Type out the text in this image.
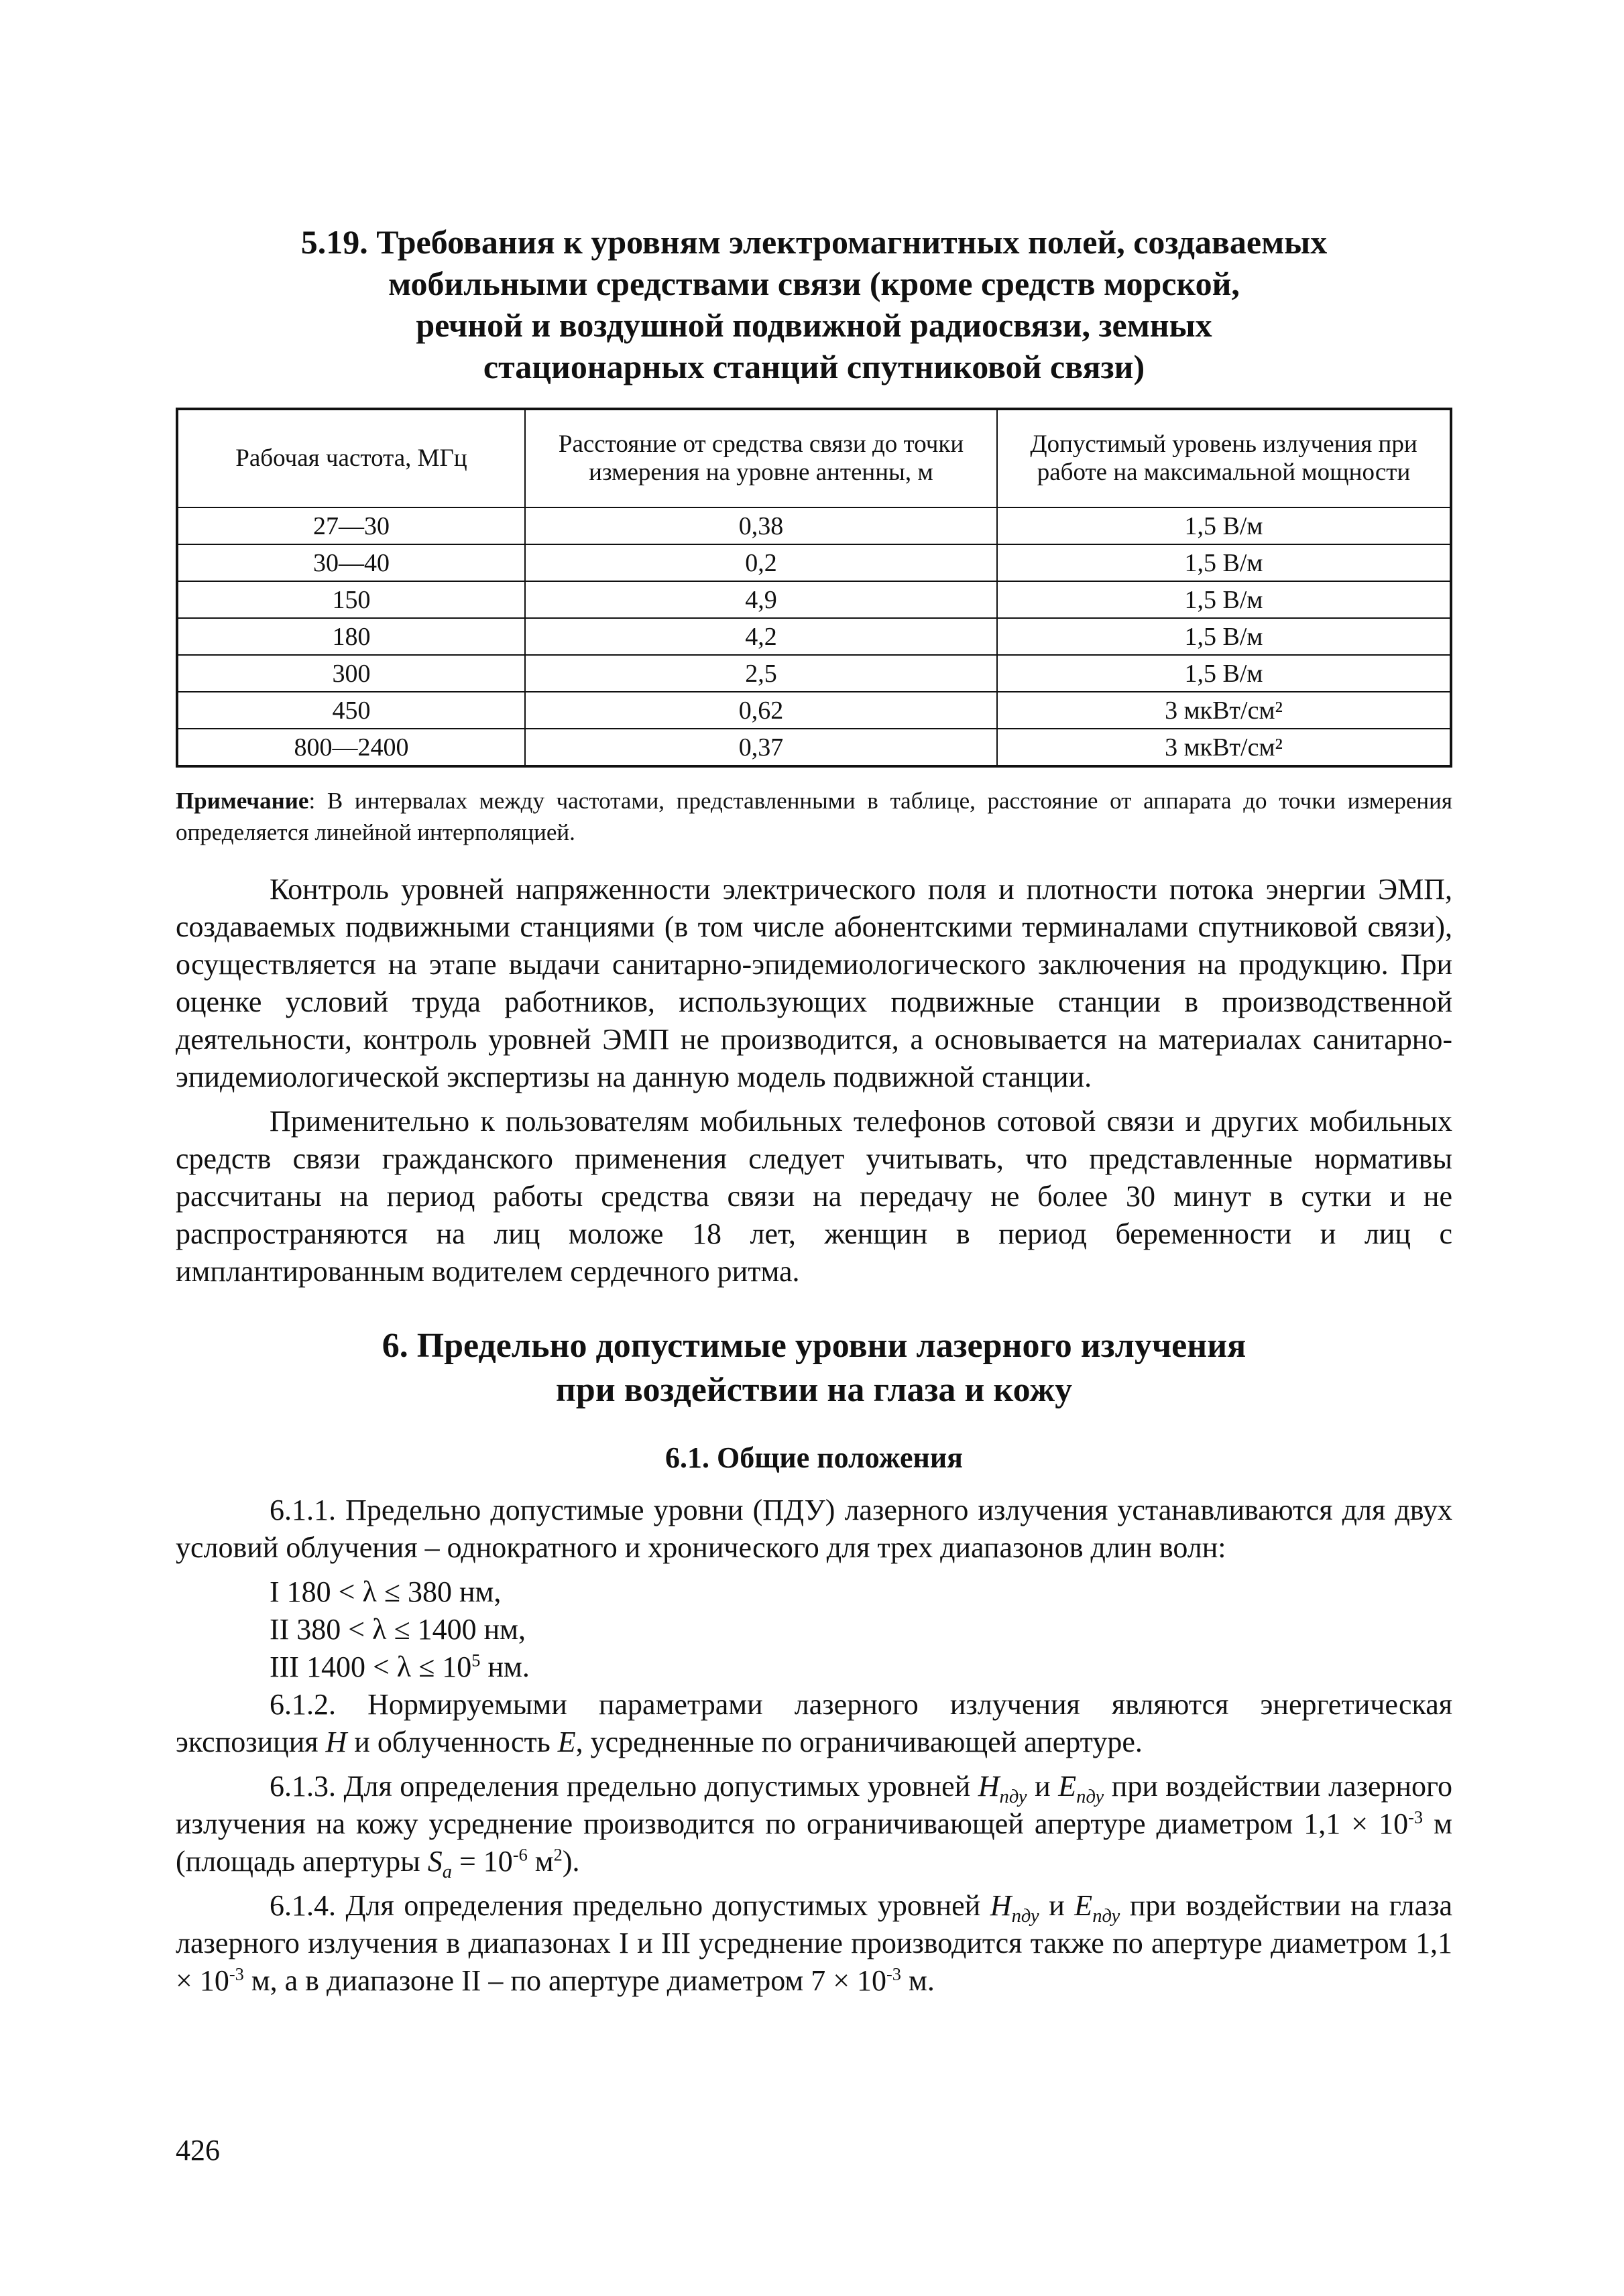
5.19. Требования к уровням электромагнитных полей, создаваемых
мобильными средствами связи (кроме средств морской,
речной и воздушной подвижной радиосвязи, земных
стационарных станций спутниковой связи)
Рабочая частота, МГц	Расстояние от средства связи до точки измерения на уровне антенны, м	Допустимый уровень излучения при работе на максимальной мощности
27—30	0,38	1,5 В/м
30—40	0,2	1,5 В/м
150	4,9	1,5 В/м
180	4,2	1,5 В/м
300	2,5	1,5 В/м
450	0,62	3 мкВт/см²
800—2400	0,37	3 мкВт/см²
Примечание: В интервалах между частотами, представленными в таблице, расстояние от аппарата до точки измерения определяется линейной интерполяцией.

Контроль уровней напряженности электрического поля и плотности потока энергии ЭМП, создаваемых подвижными станциями (в том числе абонентскими терминалами спутниковой связи), осуществляется на этапе выдачи санитарно-эпидемиологического заключения на продукцию. При оценке условий труда работников, использующих подвижные станции в производственной деятельности, контроль уровней ЭМП не производится, а основывается на материалах санитарно-эпидемиологической экспертизы на данную модель подвижной станции.

Применительно к пользователям мобильных телефонов сотовой связи и других мобильных средств связи гражданского применения следует учитывать, что представленные нормативы рассчитаны на период работы средства связи на передачу не более 30 минут в сутки и не распространяются на лиц моложе 18 лет, женщин в период беременности и лиц с имплантированным водителем сердечного ритма.

6. Предельно допустимые уровни лазерного излучения
при воздействии на глаза и кожу
6.1. Общие положения

6.1.1. Предельно допустимые уровни (ПДУ) лазерного излучения устанавливаются для двух условий облучения – однократного и хронического для трех диапазонов длин волн:

I 180 < λ ≤ 380 нм,
II 380 < λ ≤ 1400 нм,
III $1400 < \lambda \le 10^5$ нм.

6.1.2. Нормируемыми параметрами лазерного излучения являются энергетическая экспозиция H и облученность E, усредненные по ограничивающей апертуре.

6.1.3. Для определения предельно допустимых уровней $H_{пду}$ и $E_{пду}$ при воздействии лазерного излучения на кожу усреднение производится по ограничивающей апертуре диаметром $1,1 \times 10^{-3}$ м (площадь апертуры $S_a = 10^{-6}$ $м^2$).

6.1.4. Для определения предельно допустимых уровней $H_{пду}$ и $E_{пду}$ при воздействии на глаза лазерного излучения в диапазонах I и III усреднение производится также по апертуре диаметром $1,1 \times 10^{-3}$ м, а в диапазоне II – по апертуре диаметром $7 \times 10^{-3}$ м.

426
